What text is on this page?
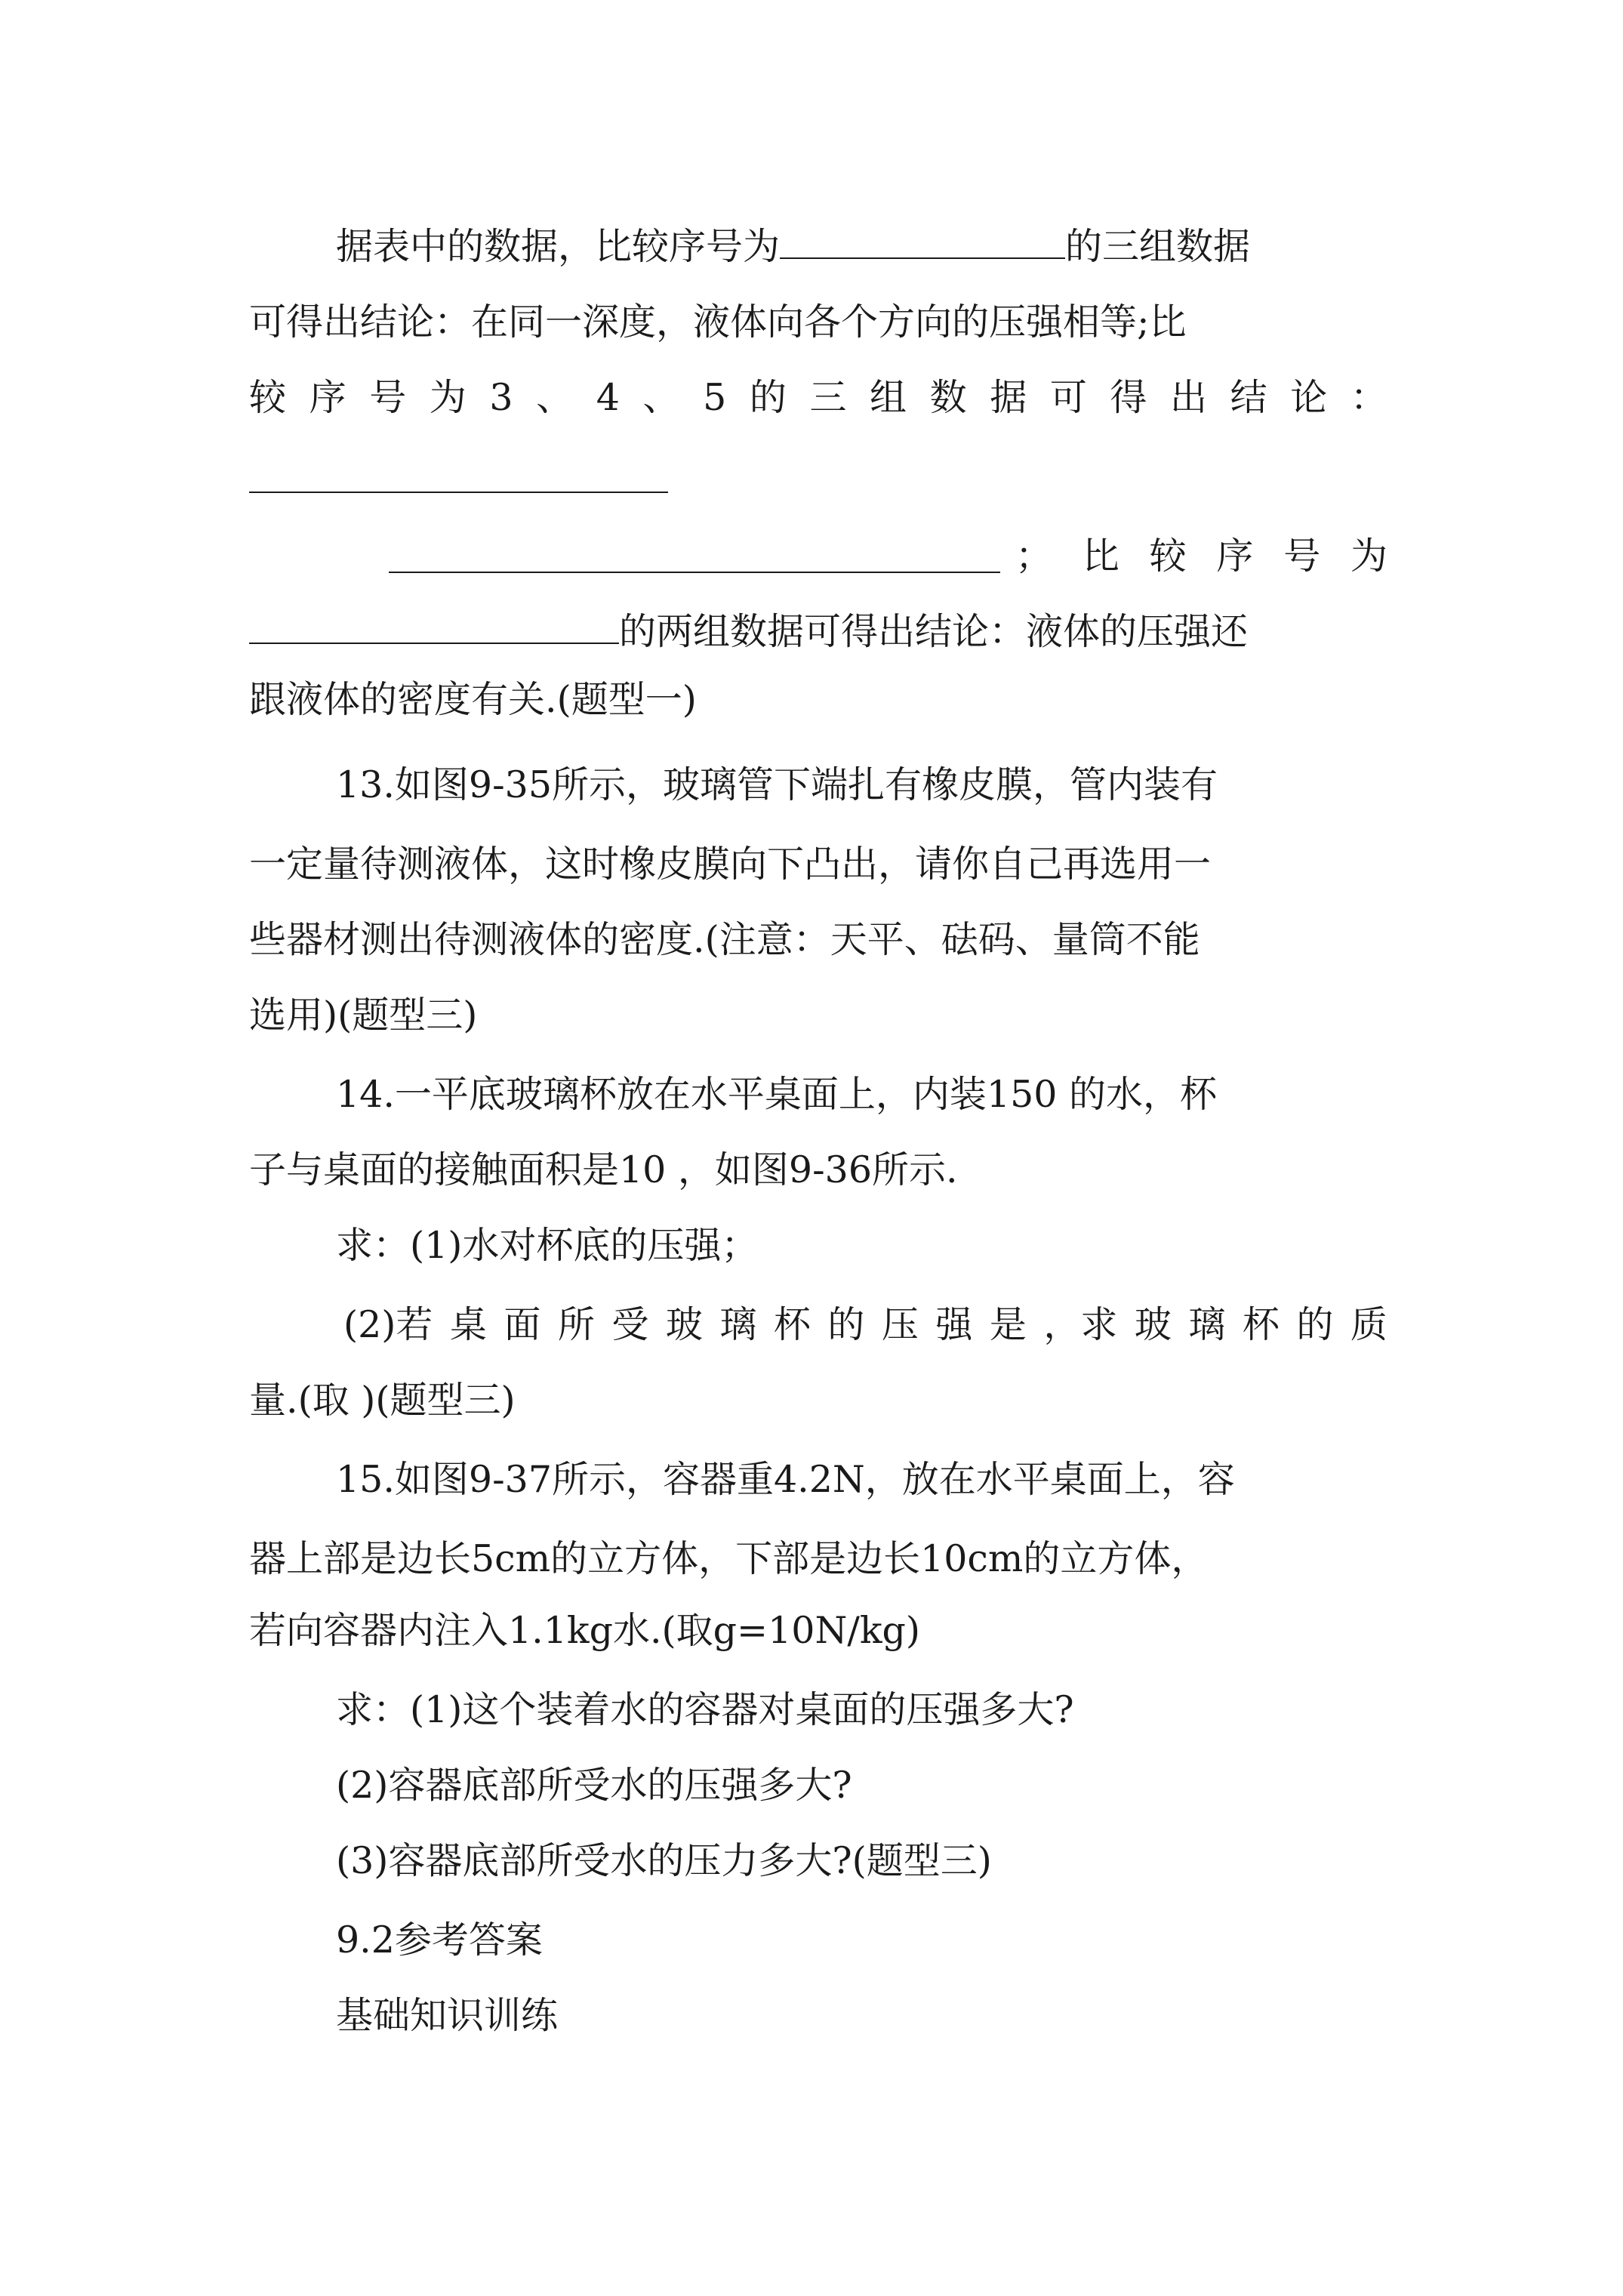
据表中的数据，比较序号为	的三组数据
可得出结论：在同一深度，液体向各个方向的压强相等;比
较 序 号 为 3 、 4 、 5 的 三 组 数 据 可 得 出 结 论 ：
； 比 较 序 号 为
的两组数据可得出结论：液体的压强还
跟液体的密度有关.(题型一)
13.如图9-35所示，玻璃管下端扎有橡皮膜，管内装有
一定量待测液体，这时橡皮膜向下凸出，请你自己再选用一
些器材测出待测液体的密度.(注意：天平、砝码、量筒不能
选用)(题型三)
14.一平底玻璃杯放在水平桌面上，内装150 的水，杯
子与桌面的接触面积是10 ，如图9-36所示.
求：(1)水对杯底的压强；
(2)若 桌 面 所 受 玻 璃 杯 的 压 强 是 ，求 玻 璃 杯 的 质
量.(取 )(题型三)
15.如图9-37所示，容器重4.2N，放在水平桌面上，容
器上部是边长5cm的立方体，下部是边长10cm的立方体，
若向容器内注入1.1kg水.(取g=10N/kg)
求：(1)这个装着水的容器对桌面的压强多大?
(2)容器底部所受水的压强多大?
(3)容器底部所受水的压力多大?(题型三)
9.2参考答案
基础知识训练
